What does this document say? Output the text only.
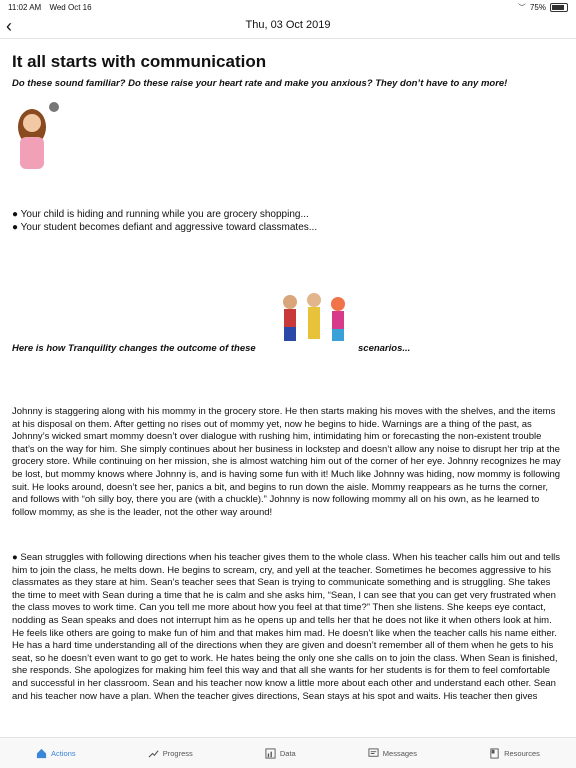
11:02 AM Wed Oct 16	︶ 75%
‹	Thu, 03 Oct 2019
It all starts with communication
Do these sound familiar? Do these raise your heart rate and make you anxious? They don’t have to any more!
● Your child is hiding and running while you are grocery shopping...
● Your student becomes defiant and aggressive toward classmates...
Here is how Tranquility changes the outcome of these	scenarios...
Johnny is staggering along with his mommy in the grocery store. He then starts making his moves with the shelves, and the items at his disposal on them. After getting no rises out of mommy yet, now he begins to hide. Warnings are a thing of the past, as Johnny’s wicked smart mommy doesn’t over dialogue with rushing him, intimidating him or forecasting the non-existent trouble that’s on the way for him. She simply continues about her business in lockstep and doesn’t allow any noise to disrupt her trip at the grocery store. While continuing on her mission, she is almost watching him out of the corner of her eye. Johnny recognizes he may be lost, but mommy knows where Johnny is, and is having some fun with it! Much like Johnny was hiding, now mommy is following suit. He looks around, doesn’t see her, panics a bit, and begins to run down the aisle. Mommy reappears as he turns the corner, and follows with “oh silly boy, there you are (with a chuckle).” Johnny is now following mommy all on his own, as he learned to follow mommy, as she is the leader, not the other way around!
● Sean struggles with following directions when his teacher gives them to the whole class. When his teacher calls him out and tells him to join the class, he melts down. He begins to scream, cry, and yell at the teacher. Sometimes he becomes aggressive to his classmates as they stare at him. Sean’s teacher sees that Sean is trying to communicate something and is struggling. She takes the time to meet with Sean during a time that he is calm and she asks him, “Sean, I can see that you can get very frustrated when the class moves to work time. Can you tell me more about how you feel at that time?” Then she listens. She keeps eye contact, nodding as Sean speaks and does not interrupt him as he opens up and tells her that he does not like it when others look at him. He feels like others are going to make fun of him and that makes him mad. He doesn’t like when the teacher calls his name either. He has a hard time understanding all of the directions when they are given and doesn’t remember all of them when he gets to his seat, so he doesn’t even want to go get to work. He hates being the only one she calls on to join the class. When Sean is finished, she responds. She apologizes for making him feel this way and that all she wants for her students is for them to feel comfortable and successful in her classroom. Sean and his teacher now know a little more about each other and understand each other. Sean and his teacher now have a plan. When the teacher gives directions, Sean stays at his spot and waits. His teacher then gives
Actions	Progress	Data	Messages	Resources
